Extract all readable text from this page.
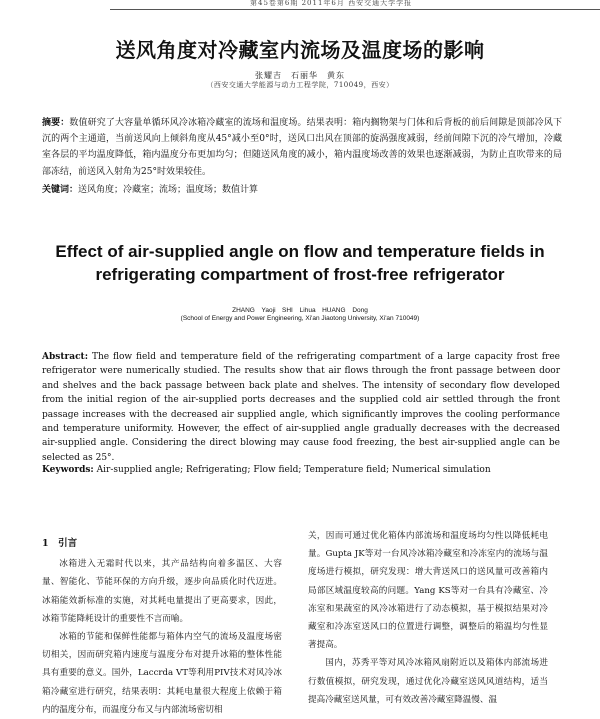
第45卷第6期 2011年6月 西安交通大学学报
送风角度对冷藏室内流场及温度场的影响
张耀吉　石丽华　黄东
（西安交通大学能源与动力工程学院，710049，西安）
摘要：数值研究了大容量单循环风冷冰箱冷藏室的流场和温度场。结果表明：箱内搁物架与门体和后背板的前后间隙是顶部冷风下沉的两个主通道，当前送风向上倾斜角度从45°减小至0°时，送风口出风在顶部的旋涡强度减弱，经前间隙下沉的冷气增加，冷藏室各层的平均温度降低，箱内温度分布更加均匀；但随送风角度的减小，箱内温度场改善的效果也逐渐减弱，为防止直吹带来的局部冻结，前送风入射角为25°时效果较佳。
关键词：送风角度；冷藏室；流场；温度场；数值计算
Effect of air-supplied angle on flow and temperature fields in refrigerating compartment of frost-free refrigerator
ZHANG Yaoji　SHI Lihua　HUANG Dong
(School of Energy and Power Engineering, Xi'an Jiaotong University, Xi'an 710049)
Abstract: The flow field and temperature field of the refrigerating compartment of a large capacity frost free refrigerator were numerically studied. The results show that air flows through the front passage between door and shelves and the back passage between back plate and shelves. The intensity of secondary flow developed from the initial region of the air-supplied ports decreases and the supplied cold air settled through the front passage increases with the decreased air supplied angle, which significantly improves the cooling performance and temperature uniformity. However, the effect of air-supplied angle gradually decreases with the decreased air-supplied angle. Considering the direct blowing may cause food freezing, the best air-supplied angle can be selected as 25°.
Keywords: Air-supplied angle; Refrigerating; Flow field; Temperature field; Numerical simulation
1　引言
冰箱进入无霜时代以来，其产品结构向着多温区、大容量、智能化、节能环保的方向升级，逐步向品质化时代迈进。冰箱能效新标准的实施，对其耗电量提出了更高要求，因此，冰箱节能降耗设计的重要性不言而喻。
冰箱的节能和保鲜性能都与箱体内空气的流场及温度场密切相关，因而研究箱内速度与温度分布对提升冰箱的整体性能具有重要的意义。国外，Laccrda VT等利用PIV技术对风冷冰箱冷藏室进行研究，结果表明：其耗电量很大程度上依赖于箱内的温度分布，而温度分布又与内部流场密切相
关，因而可通过优化箱体内部流场和温度场均匀性以降低耗电量。Gupta JK等对一台风冷冰箱冷藏室和冷冻室内的流场与温度场进行模拟，研究发现：增大背送风口的送风量可改善箱内局部区域温度较高的问题。Yang KS等对一台具有冷藏室、冷冻室和果蔬室的风冷冰箱进行了动态模拟，基于模拟结果对冷藏室和冷冻室送风口的位置进行调整，调整后的箱温均匀性显著提高。
国内，苏秀平等对风冷冰箱风扇附近以及箱体内部流场进行数值模拟，研究发现，通过优化冷藏室送风风道结构，适当提高冷藏室送风量，可有效改善冷藏室降温慢、温
